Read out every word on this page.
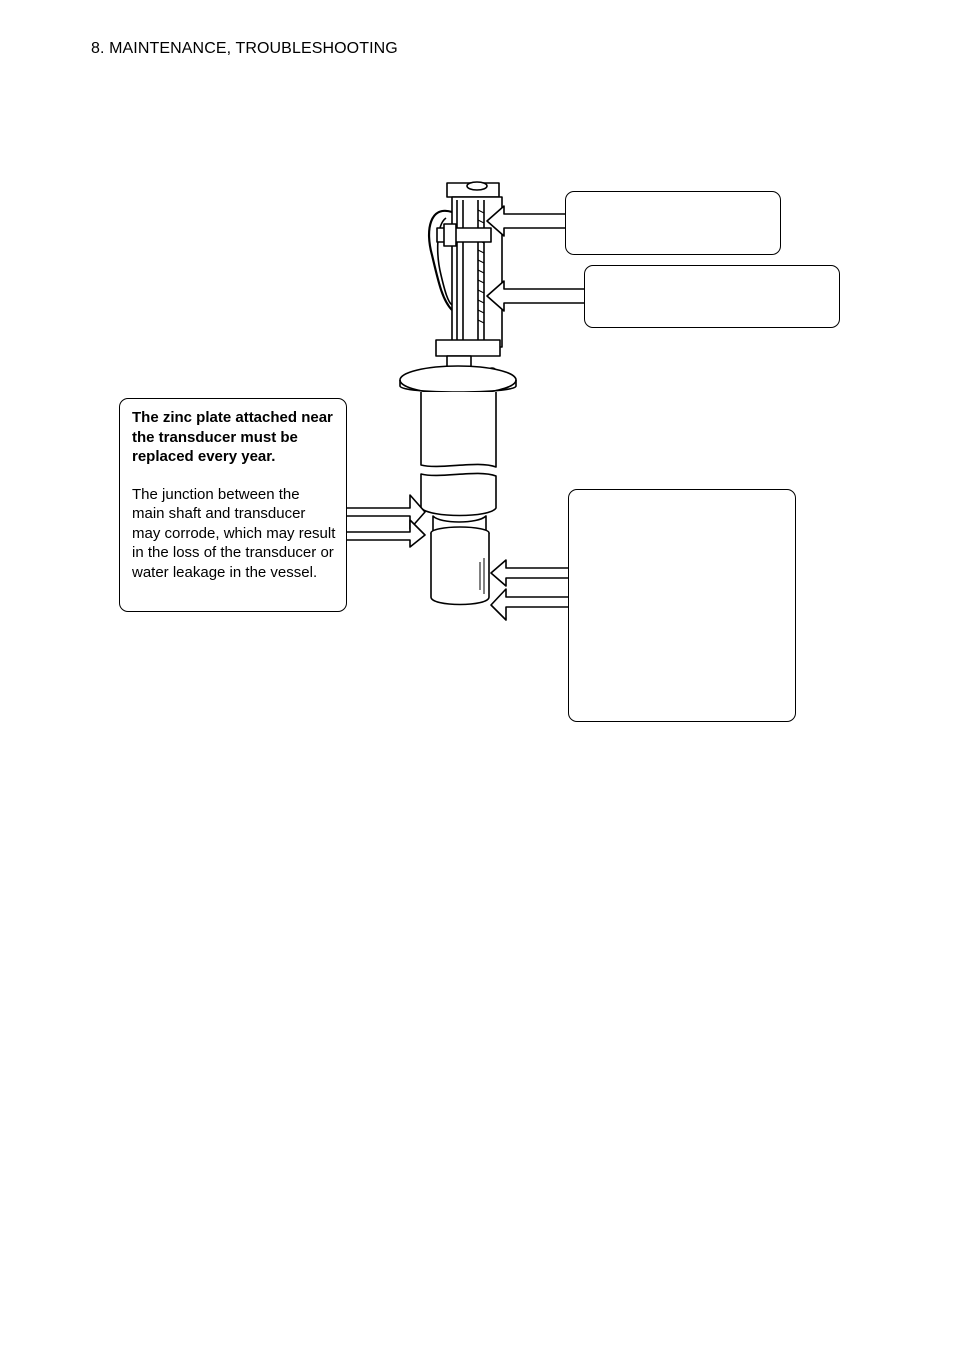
8. MAINTENANCE, TROUBLESHOOTING
The zinc plate attached near the transducer must be replaced every year.
The junction between the main shaft and transducer may corrode, which may result in the loss of the transducer or water leakage in the vessel.
